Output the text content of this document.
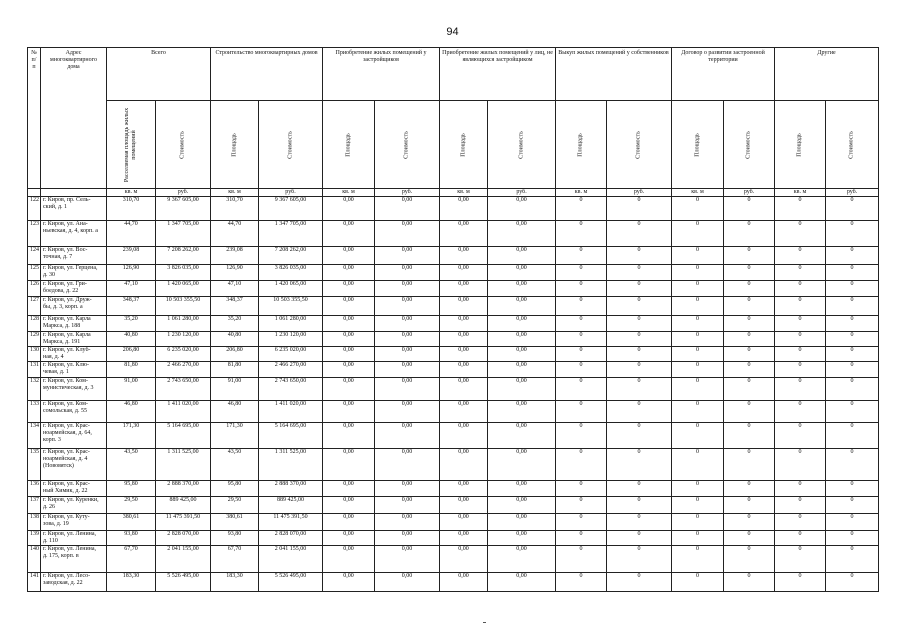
94
№
п/п	Адрес
многоквартирного
дома	Всего		Строительство многоквартирных домов		Приобретение жилых помещений у застройщиков		Приобретение жилых помещений у лиц, не являющихся застройщиком		Выкуп жилых помещений у собственников		Договор о развитии застроенной территории		Другие	

		Расселяемая площадь жилых помещений	Стоимость	Площадь	Стоимость	Площадь	Стоимость	Площадь	Стоимость	Площадь	Стоимость	Площадь	Стоимость	Площадь	Стоимость

		кв. м	руб.	кв. м	руб.	кв. м	руб.	кв. м	руб.	кв. м	руб.	кв. м	руб.	кв. м	руб.
122	г. Киров, пр. Сель-
ский, д. 1	310,70	9 367 605,00	310,70	9 367 605,00	0,00	0,00	0,00	0,00	0	0	0	0	0	0
123	г. Киров, ул. Ана-
ньевская, д. 4, корп. а	44,70	1 347 705,00	44,70	1 347 705,00	0,00	0,00	0,00	0,00	0	0	0	0	0	0
124	г. Киров, ул. Вос-
точная, д. 7	239,08	7 208 262,00	239,08	7 208 262,00	0,00	0,00	0,00	0,00	0	0	0	0	0	0
125	г. Киров, ул. Герцена,
д. 30	126,90	3 826 035,00	126,90	3 826 035,00	0,00	0,00	0,00	0,00	0	0	0	0	0	0
126	г. Киров, ул. Гри-
боедова, д. 22	47,10	1 420 065,00	47,10	1 420 065,00	0,00	0,00	0,00	0,00	0	0	0	0	0	0
127	г. Киров, ул. Друж-
бы, д. 3, корп. а	348,37	10 503 355,50	348,37	10 503 355,50	0,00	0,00	0,00	0,00	0	0	0	0	0	0
128	г. Киров, ул. Карла
Маркса, д. 188	35,20	1 061 280,00	35,20	1 061 280,00	0,00	0,00	0,00	0,00	0	0	0	0	0	0
129	г. Киров, ул. Карла
Маркса, д. 191	40,80	1 230 120,00	40,80	1 230 120,00	0,00	0,00	0,00	0,00	0	0	0	0	0	0
130	г. Киров, ул. Клуб-
ная, д. 4	206,80	6 235 020,00	206,80	6 235 020,00	0,00	0,00	0,00	0,00	0	0	0	0	0	0
131	г. Киров, ул. Клю-
чевая, д. 1	81,80	2 466 270,00	81,80	2 466 270,00	0,00	0,00	0,00	0,00	0	0	0	0	0	0
132	г. Киров, ул. Ком-
мунистическая, д. 3	91,00	2 743 650,00	91,00	2 743 650,00	0,00	0,00	0,00	0,00	0	0	0	0	0	0
133	г. Киров, ул. Ком-
сомольская, д. 55	46,80	1 411 020,00	46,80	1 411 020,00	0,00	0,00	0,00	0,00	0	0	0	0	0	0
134	г. Киров, ул. Крас-
ноармейская, д. 64,
корп. 3	171,30	5 164 695,00	171,30	5 164 695,00	0,00	0,00	0,00	0,00	0	0	0	0	0	0
135	г. Киров, ул. Крас-
ноармейская, д. 4
(Нововятск)	43,50	1 311 525,00	43,50	1 311 525,00	0,00	0,00	0,00	0,00	0	0	0	0	0	0
136	г. Киров, ул. Крас-
ный Химик, д. 22	95,80	2 888 370,00	95,80	2 888 370,00	0,00	0,00	0,00	0,00	0	0	0	0	0	0
137	г. Киров, ул. Куренки,
д. 26	29,50	889 425,00	29,50	889 425,00	0,00	0,00	0,00	0,00	0	0	0	0	0	0
138	г. Киров, ул. Куту-
зова, д. 19	380,61	11 475 391,50	380,61	11 475 391,50	0,00	0,00	0,00	0,00	0	0	0	0	0	0
139	г. Киров, ул. Ленина,
д. 110	93,80	2 828 070,00	93,80	2 828 070,00	0,00	0,00	0,00	0,00	0	0	0	0	0	0
140	г. Киров, ул. Ленина,
д. 175, корп. в	67,70	2 041 155,00	67,70	2 041 155,00	0,00	0,00	0,00	0,00	0	0	0	0	0	0
141	г. Киров, ул. Лесо-
заводская, д. 22	183,30	5 526 495,00	183,30	5 526 495,00	0,00	0,00	0,00	0,00	0	0	0	0	0	0
